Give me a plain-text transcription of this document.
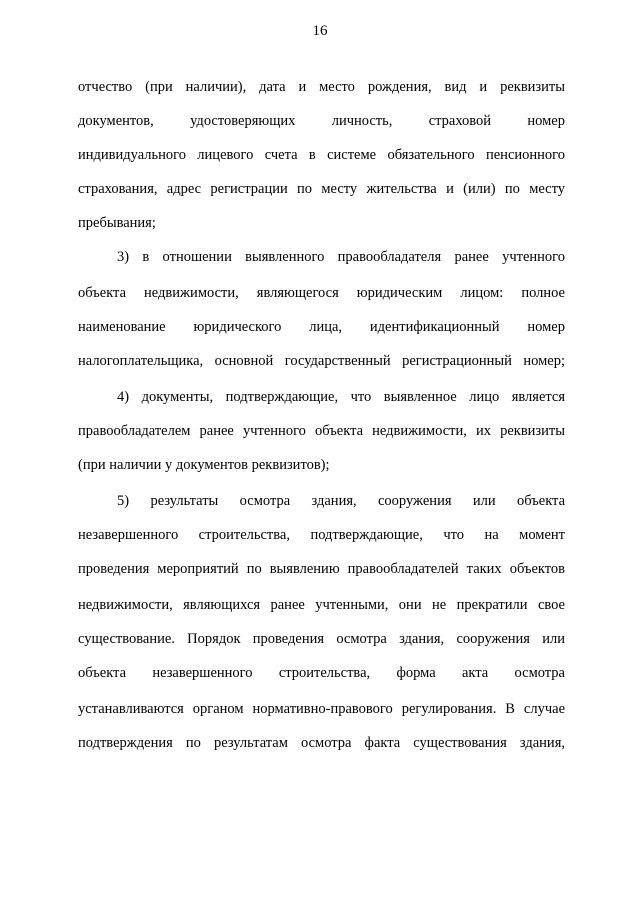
16
отчество (при наличии), дата и место рождения, вид и реквизиты
документов, удостоверяющих личность, страховой номер
индивидуального лицевого счета в системе обязательного пенсионного
страхования, адрес регистрации по месту жительства и (или) по месту
пребывания;
3) в отношении выявленного правообладателя ранее учтенного
объекта недвижимости, являющегося юридическим лицом: полное
наименование юридического лица, идентификационный номер
налогоплательщика, основной государственный регистрационный номер;
4) документы, подтверждающие, что выявленное лицо является
правообладателем ранее учтенного объекта недвижимости, их реквизиты
(при наличии у документов реквизитов);
5) результаты осмотра здания, сооружения или объекта
незавершенного строительства, подтверждающие, что на момент
проведения мероприятий по выявлению правообладателей таких объектов
недвижимости, являющихся ранее учтенными, они не прекратили свое
существование. Порядок проведения осмотра здания, сооружения или
объекта незавершенного строительства, форма акта осмотра
устанавливаются органом нормативно-правового регулирования. В случае
подтверждения по результатам осмотра факта существования здания,
